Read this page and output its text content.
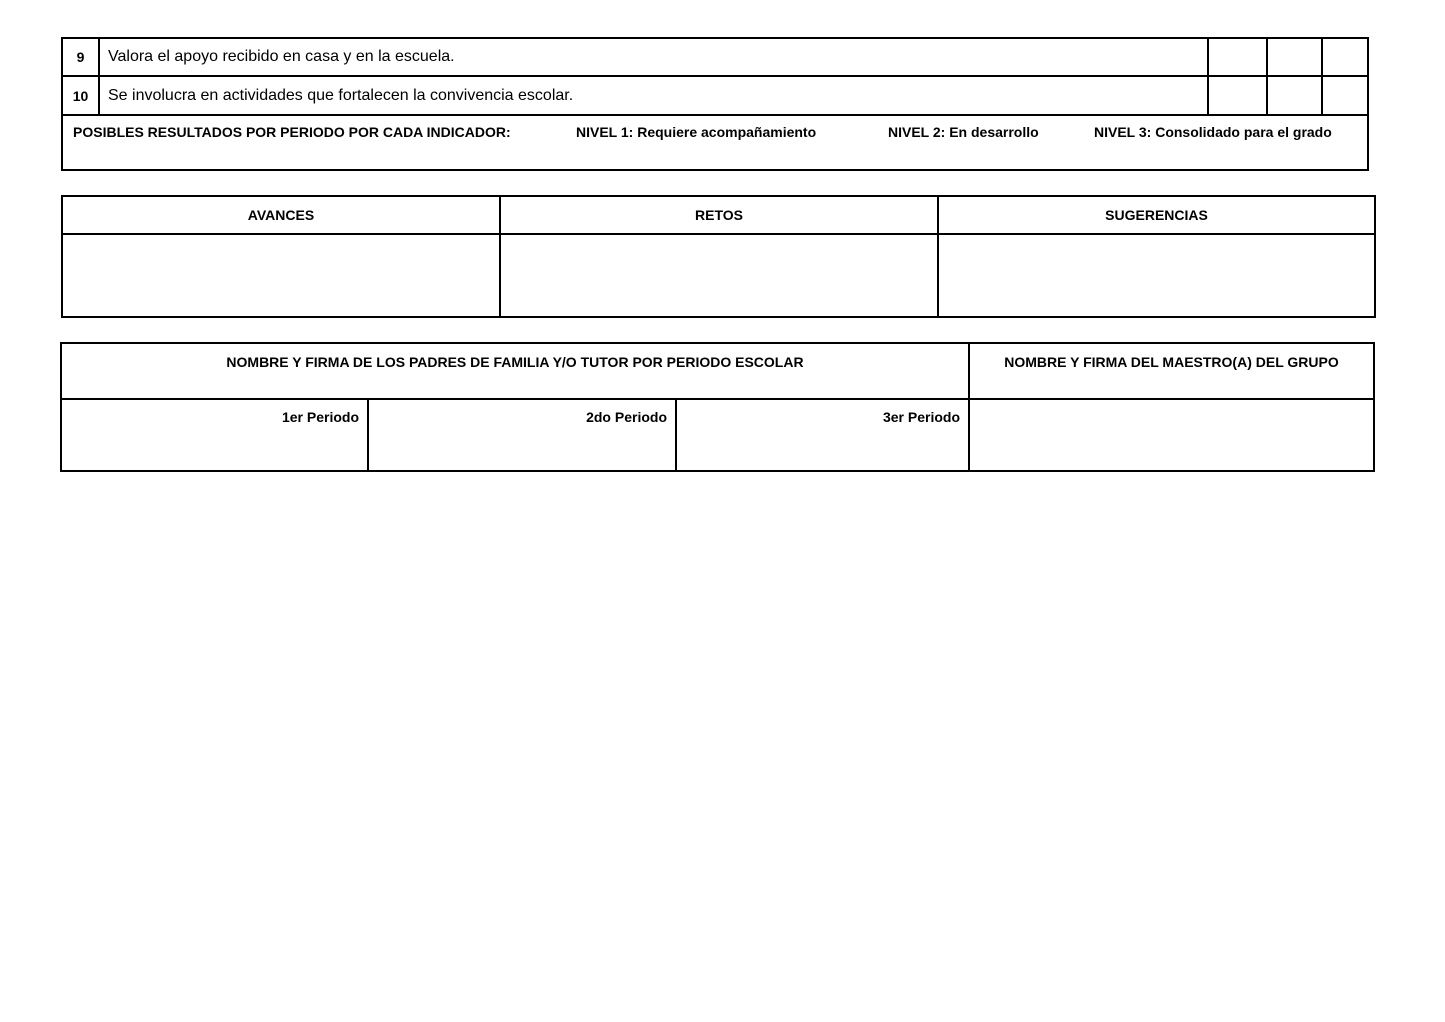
9	Valora el apoyo recibido en casa y en la escuela.
10	Se involucra en actividades que fortalecen la convivencia escolar.
POSIBLES RESULTADOS POR PERIODO POR CADA INDICADOR:	NIVEL 1: Requiere acompañamiento	NIVEL 2: En desarrollo	NIVEL 3: Consolidado para el grado
AVANCES	RETOS	SUGERENCIAS
NOMBRE Y FIRMA DE LOS PADRES DE FAMILIA Y/O TUTOR POR PERIODO ESCOLAR	NOMBRE Y FIRMA DEL MAESTRO(A) DEL GRUPO
1er Periodo	2do Periodo	3er Periodo
